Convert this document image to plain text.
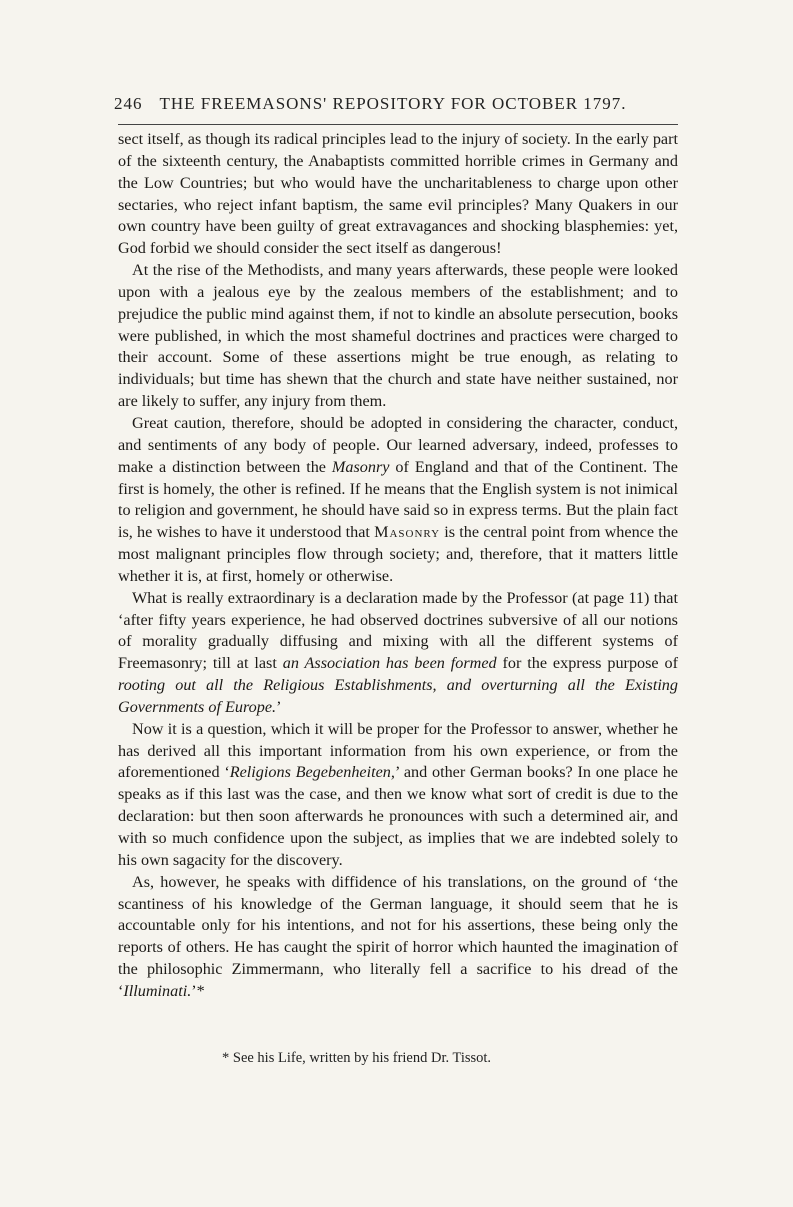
246 THE FREEMASONS' REPOSITORY FOR OCTOBER 1797.

sect itself, as though its radical principles lead to the injury of society. In the early part of the sixteenth century, the Anabaptists committed horrible crimes in Germany and the Low Countries; but who would have the uncharitableness to charge upon other sectaries, who reject infant baptism, the same evil principles? Many Quakers in our own country have been guilty of great extravagances and shocking blasphemies: yet, God forbid we should consider the sect itself as dangerous!

At the rise of the Methodists, and many years afterwards, these people were looked upon with a jealous eye by the zealous members of the establishment; and to prejudice the public mind against them, if not to kindle an absolute persecution, books were published, in which the most shameful doctrines and practices were charged to their account. Some of these assertions might be true enough, as relating to individuals; but time has shewn that the church and state have neither sustained, nor are likely to suffer, any injury from them.

Great caution, therefore, should be adopted in considering the character, conduct, and sentiments of any body of people. Our learned adversary, indeed, professes to make a distinction between the Masonry of England and that of the Continent. The first is homely, the other is refined. If he means that the English system is not inimical to religion and government, he should have said so in express terms. But the plain fact is, he wishes to have it understood that Masonry is the central point from whence the most malignant principles flow through society; and, therefore, that it matters little whether it is, at first, homely or otherwise.

What is really extraordinary is a declaration made by the Professor (at page 11) that ‘after fifty years experience, he had observed doctrines subversive of all our notions of morality gradually diffusing and mixing with all the different systems of Freemasonry; till at last an Association has been formed for the express purpose of rooting out all the Religious Establishments, and overturning all the Existing Governments of Europe.’

Now it is a question, which it will be proper for the Professor to answer, whether he has derived all this important information from his own experience, or from the aforementioned ‘Religions Begebenheiten,’ and other German books? In one place he speaks as if this last was the case, and then we know what sort of credit is due to the declaration: but then soon afterwards he pronounces with such a determined air, and with so much confidence upon the subject, as implies that we are indebted solely to his own sagacity for the discovery.

As, however, he speaks with diffidence of his translations, on the ground of ‘the scantiness of his knowledge of the German language, it should seem that he is accountable only for his intentions, and not for his assertions, these being only the reports of others. He has caught the spirit of horror which haunted the imagination of the philosophic Zimmermann, who literally fell a sacrifice to his dread of the ‘Illuminati.’*

* See his Life, written by his friend Dr. Tissot.
